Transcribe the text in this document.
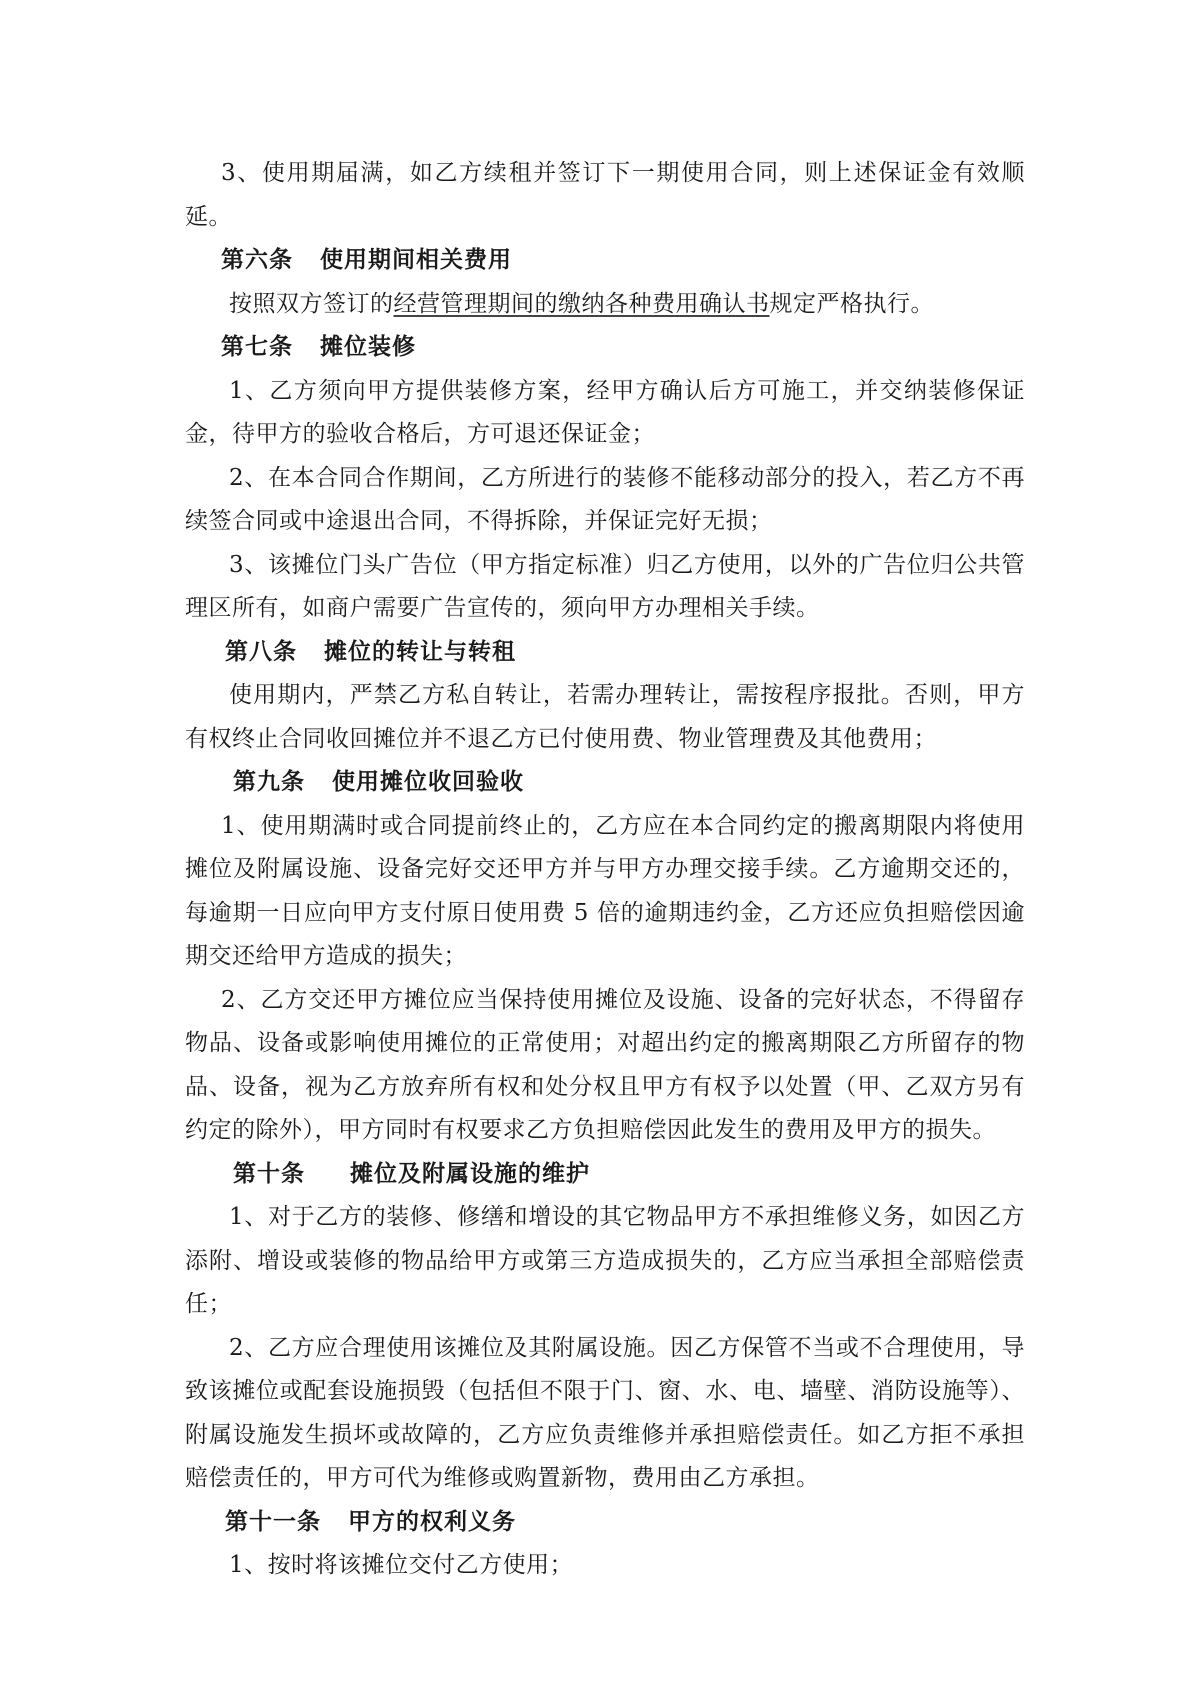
3、使用期届满，如乙方续租并签订下一期使用合同，则上述保证金有效顺延。

第六条   使用期间相关费用

按照双方签订的经营管理期间的缴纳各种费用确认书规定严格执行。

第七条   摊位装修

1、乙方须向甲方提供装修方案，经甲方确认后方可施工，并交纳装修保证金，待甲方的验收合格后，方可退还保证金；

2、在本合同合作期间，乙方所进行的装修不能移动部分的投入，若乙方不再续签合同或中途退出合同，不得拆除，并保证完好无损；

3、该摊位门头广告位（甲方指定标准）归乙方使用，以外的广告位归公共管理区所有，如商户需要广告宣传的，须向甲方办理相关手续。

第八条   摊位的转让与转租

使用期内，严禁乙方私自转让，若需办理转让，需按程序报批。否则，甲方有权终止合同收回摊位并不退乙方已付使用费、物业管理费及其他费用；

第九条   使用摊位收回验收

1、使用期满时或合同提前终止的，乙方应在本合同约定的搬离期限内将使用摊位及附属设施、设备完好交还甲方并与甲方办理交接手续。乙方逾期交还的，每逾期一日应向甲方支付原日使用费 5 倍的逾期违约金，乙方还应负担赔偿因逾期交还给甲方造成的损失；

2、乙方交还甲方摊位应当保持使用摊位及设施、设备的完好状态，不得留存物品、设备或影响使用摊位的正常使用；对超出约定的搬离期限乙方所留存的物品、设备，视为乙方放弃所有权和处分权且甲方有权予以处置（甲、乙双方另有约定的除外），甲方同时有权要求乙方负担赔偿因此发生的费用及甲方的损失。

第十条     摊位及附属设施的维护

1、对于乙方的装修、修缮和增设的其它物品甲方不承担维修义务，如因乙方添附、增设或装修的物品给甲方或第三方造成损失的，乙方应当承担全部赔偿责任；

2、乙方应合理使用该摊位及其附属设施。因乙方保管不当或不合理使用，导致该摊位或配套设施损毁（包括但不限于门、窗、水、电、墙壁、消防设施等）、附属设施发生损坏或故障的，乙方应负责维修并承担赔偿责任。如乙方拒不承担赔偿责任的，甲方可代为维修或购置新物，费用由乙方承担。

第十一条   甲方的权利义务

1、按时将该摊位交付乙方使用；
